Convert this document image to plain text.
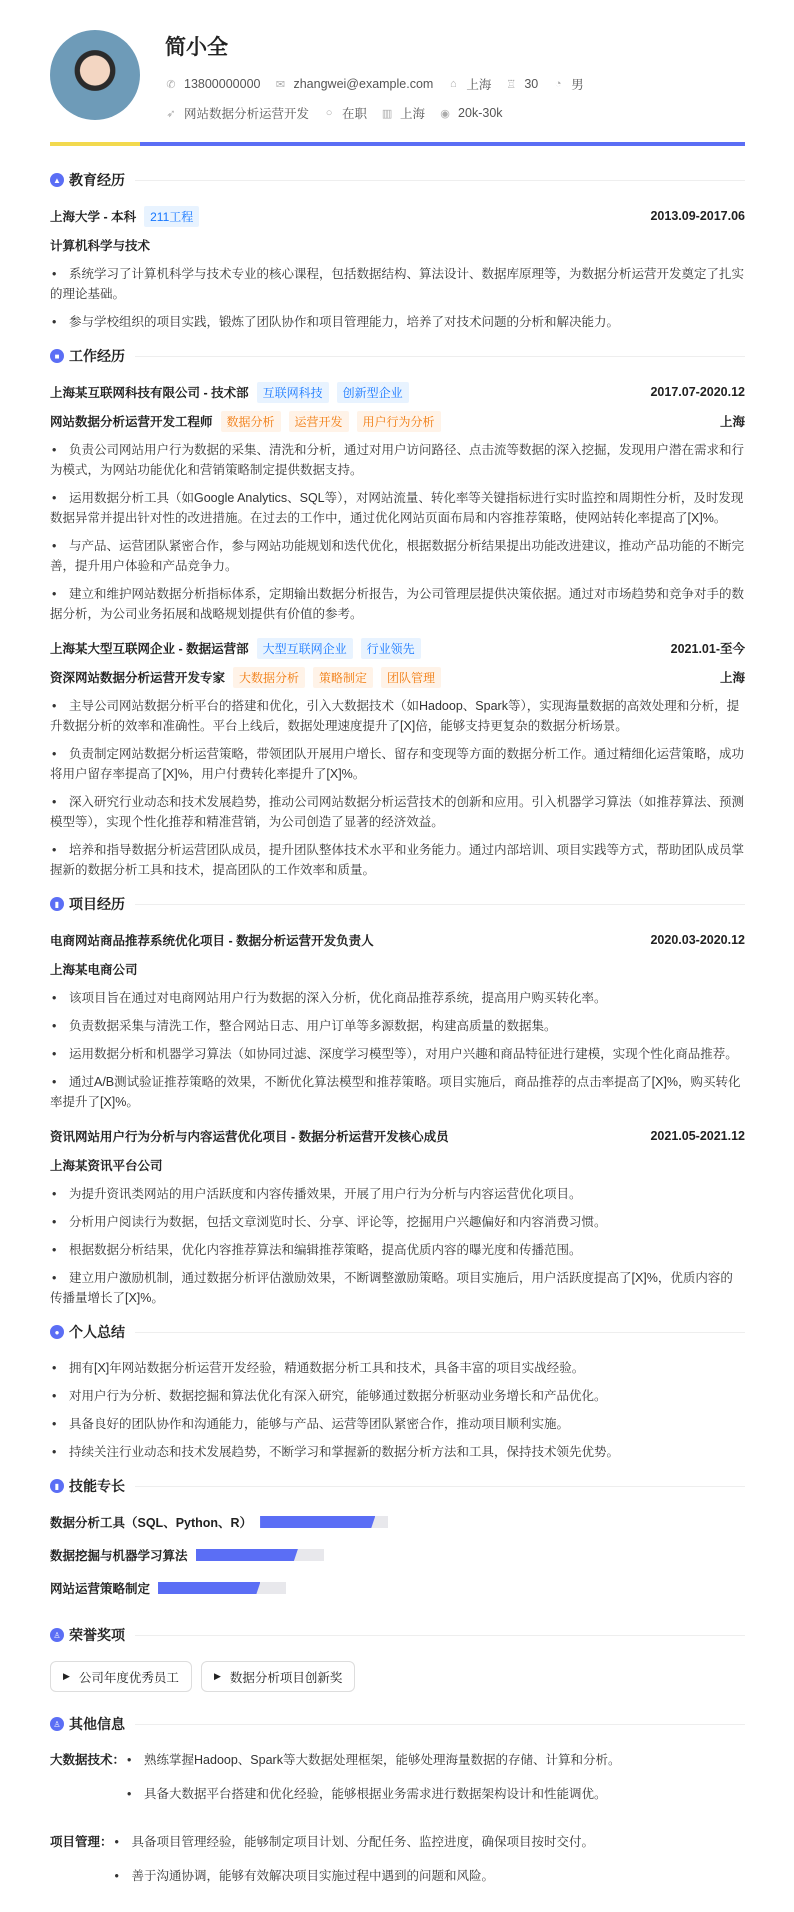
简小全
✆ 13800000000 ✉ zhangwei@example.com ⌂ 上海 ♖ 30 ◔ 男
➶ 网站数据分析运营开发 ○ 在职 ▥ 上海 ◉ 20k-30k
▲ 教育经历
上海大学 - 本科	211工程	2013.09-2017.06
计算机科学与技术
• 系统学习了计算机科学与技术专业的核心课程，包括数据结构、算法设计、数据库原理等，为数据分析运营开发奠定了扎实的理论基础。
• 参与学校组织的项目实践，锻炼了团队协作和项目管理能力，培养了对技术问题的分析和解决能力。
■ 工作经历
上海某互联网科技有限公司 - 技术部	互联网科技	创新型企业	2017.07-2020.12
网站数据分析运营开发工程师	数据分析	运营开发	用户行为分析	上海
• 负责公司网站用户行为数据的采集、清洗和分析，通过对用户访问路径、点击流等数据的深入挖掘，发现用户潜在需求和行为模式，为网站功能优化和营销策略制定提供数据支持。
• 运用数据分析工具（如Google Analytics、SQL等），对网站流量、转化率等关键指标进行实时监控和周期性分析，及时发现数据异常并提出针对性的改进措施。在过去的工作中，通过优化网站页面布局和内容推荐策略，使网站转化率提高了[X]%。
• 与产品、运营团队紧密合作，参与网站功能规划和迭代优化，根据数据分析结果提出功能改进建议，推动产品功能的不断完善，提升用户体验和产品竞争力。
• 建立和维护网站数据分析指标体系，定期输出数据分析报告，为公司管理层提供决策依据。通过对市场趋势和竞争对手的数据分析，为公司业务拓展和战略规划提供有价值的参考。
上海某大型互联网企业 - 数据运营部	大型互联网企业	行业领先	2021.01-至今
资深网站数据分析运营开发专家	大数据分析	策略制定	团队管理	上海
• 主导公司网站数据分析平台的搭建和优化，引入大数据技术（如Hadoop、Spark等），实现海量数据的高效处理和分析，提升数据分析的效率和准确性。平台上线后，数据处理速度提升了[X]倍，能够支持更复杂的数据分析场景。
• 负责制定网站数据分析运营策略，带领团队开展用户增长、留存和变现等方面的数据分析工作。通过精细化运营策略，成功将用户留存率提高了[X]%，用户付费转化率提升了[X]%。
• 深入研究行业动态和技术发展趋势，推动公司网站数据分析运营技术的创新和应用。引入机器学习算法（如推荐算法、预测模型等），实现个性化推荐和精准营销，为公司创造了显著的经济效益。
• 培养和指导数据分析运营团队成员，提升团队整体技术水平和业务能力。通过内部培训、项目实践等方式，帮助团队成员掌握新的数据分析工具和技术，提高团队的工作效率和质量。
▮ 项目经历
电商网站商品推荐系统优化项目 - 数据分析运营开发负责人	2020.03-2020.12
上海某电商公司
• 该项目旨在通过对电商网站用户行为数据的深入分析，优化商品推荐系统，提高用户购买转化率。
• 负责数据采集与清洗工作，整合网站日志、用户订单等多源数据，构建高质量的数据集。
• 运用数据分析和机器学习算法（如协同过滤、深度学习模型等），对用户兴趣和商品特征进行建模，实现个性化商品推荐。
• 通过A/B测试验证推荐策略的效果，不断优化算法模型和推荐策略。项目实施后，商品推荐的点击率提高了[X]%，购买转化率提升了[X]%。
资讯网站用户行为分析与内容运营优化项目 - 数据分析运营开发核心成员	2021.05-2021.12
上海某资讯平台公司
• 为提升资讯类网站的用户活跃度和内容传播效果，开展了用户行为分析与内容运营优化项目。
• 分析用户阅读行为数据，包括文章浏览时长、分享、评论等，挖掘用户兴趣偏好和内容消费习惯。
• 根据数据分析结果，优化内容推荐算法和编辑推荐策略，提高优质内容的曝光度和传播范围。
• 建立用户激励机制，通过数据分析评估激励效果，不断调整激励策略。项目实施后，用户活跃度提高了[X]%，优质内容的传播量增长了[X]%。
● 个人总结
• 拥有[X]年网站数据分析运营开发经验，精通数据分析工具和技术，具备丰富的项目实战经验。
• 对用户行为分析、数据挖掘和算法优化有深入研究，能够通过数据分析驱动业务增长和产品优化。
• 具备良好的团队协作和沟通能力，能够与产品、运营等团队紧密合作，推动项目顺利实施。
• 持续关注行业动态和技术发展趋势，不断学习和掌握新的数据分析方法和工具，保持技术领先优势。
▮ 技能专长
数据分析工具（SQL、Python、R）
数据挖掘与机器学习算法
网站运营策略制定
♙ 荣誉奖项
▶ 公司年度优秀员工	▶ 数据分析项目创新奖
♙ 其他信息
大数据技术：	• 熟练掌握Hadoop、Spark等大数据处理框架，能够处理海量数据的存储、计算和分析。
• 具备大数据平台搭建和优化经验，能够根据业务需求进行数据架构设计和性能调优。
项目管理：	• 具备项目管理经验，能够制定项目计划、分配任务、监控进度，确保项目按时交付。
• 善于沟通协调，能够有效解决项目实施过程中遇到的问题和风险。
